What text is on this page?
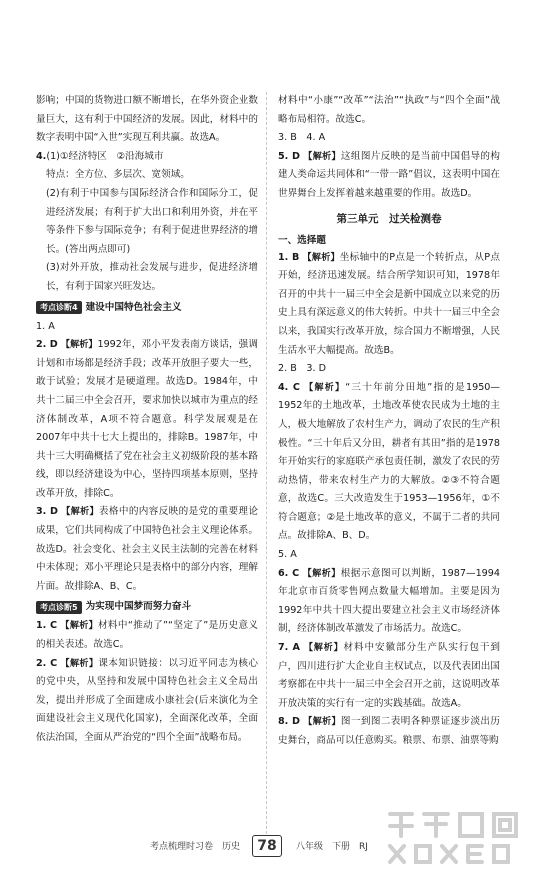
影响；中国的货物进口额不断增长，在华外资企业数量巨大，这有利于中国经济的发展。因此，材料中的数字表明中国“入世”实现互利共赢。故选A。

4.(1)①经济特区　②沿海城市

特点：全方位、多层次、宽领域。

(2)有利于中国参与国际经济合作和国际分工，促进经济发展；有利于扩大出口和利用外资，并在平等条件下参与国际竞争；有利于促进世界经济的增长。(答出两点即可)

(3)对外开放，推动社会发展与进步，促进经济增长，有利于国家兴旺发达。

考点诊断4 建设中国特色社会主义

1. A

2. D 【解析】1992年，邓小平发表南方谈话，强调计划和市场都是经济手段；改革开放胆子要大一些，敢于试验；发展才是硬道理。故选D。1984年，中共十二届三中全会召开，要求加快以城市为重点的经济体制改革，A项不符合题意。科学发展观是在2007年中共十七大上提出的，排除B。1987年，中共十三大明确概括了党在社会主义初级阶段的基本路线，即以经济建设为中心，坚持四项基本原则，坚持改革开放，排除C。

3. D 【解析】表格中的内容反映的是党的重要理论成果，它们共同构成了中国特色社会主义理论体系。故选D。社会变化、社会主义民主法制的完善在材料中未体现；邓小平理论只是表格中的部分内容，理解片面。故排除A、B、C。

考点诊断5 为实现中国梦而努力奋斗

1. C 【解析】材料中“推动了”“坚定了”是历史意义的相关表述。故选C。

2. C 【解析】课本知识链接：以习近平同志为核心的党中央，从坚持和发展中国特色社会主义全局出发，提出并形成了全面建成小康社会(后来演化为全面建设社会主义现代化国家)，全面深化改革，全面依法治国，全面从严治党的“四个全面”战略布局。

材料中“小康”“改革”“法治”“执政”与“四个全面”战略布局相符。故选C。

3. B　4. A

5. D 【解析】这组图片反映的是当前中国倡导的构建人类命运共同体和“一带一路”倡议，这表明中国在世界舞台上发挥着越来越重要的作用。故选D。

第三单元　过关检测卷
一、选择题

1. B 【解析】坐标轴中的P点是一个转折点，从P点开始，经济迅速发展。结合所学知识可知，1978年召开的中共十一届三中全会是新中国成立以来党的历史上具有深远意义的伟大转折。中共十一届三中全会以来，我国实行改革开放，综合国力不断增强，人民生活水平大幅提高。故选B。

2. B　3. D

4. C 【解析】“三十年前分田地”指的是1950—1952年的土地改革，土地改革使农民成为土地的主人，极大地解放了农村生产力，调动了农民的生产积极性。“三十年后又分田，耕者有其田”指的是1978年开始实行的家庭联产承包责任制，激发了农民的劳动热情，带来农村生产力的大解放。②③不符合题意，故选C。三大改造发生于1953—1956年，①不符合题意；②是土地改革的意义，不属于二者的共同点。故排除A、B、D。

5. A

6. C 【解析】根据示意图可以判断，1987—1994年北京市百货零售网点数量大幅增加。主要是因为1992年中共十四大提出要建立社会主义市场经济体制，经济体制改革激发了市场活力。故选C。

7. A 【解析】材料中安徽部分生产队实行包干到户，四川进行扩大企业自主权试点，以及代表团出国考察都在中共十一届三中全会召开之前，这说明改革开放决策的实行有一定的实践基础。故选A。

8. D 【解析】图一到图二表明各种票证逐步淡出历史舞台，商品可以任意购买。粮票、布票、油票等购

考点梳理时习卷　历史	78	八年级　下册　RJ
